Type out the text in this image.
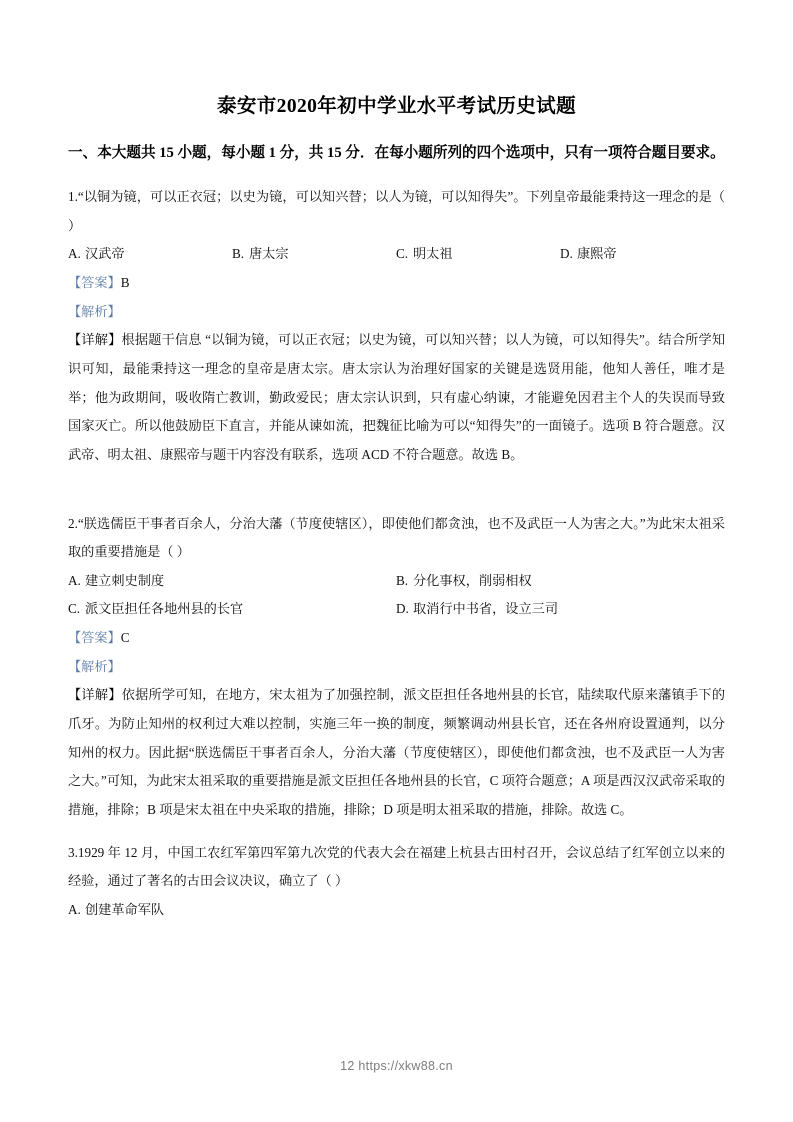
泰安市2020年初中学业水平考试历史试题
一、本大题共 15 小题，每小题 1 分，共 15 分．在每小题所列的四个选项中，只有一项符合题目要求。
1.“以铜为镜，可以正衣冠；以史为镜，可以知兴替；以人为镜，可以知得失”。下列皇帝最能秉持这一理念的是（ ）
A. 汉武帝	B. 唐太宗	C. 明太祖	D. 康熙帝
【答案】B
【解析】
【详解】根据题干信息 “以铜为镜，可以正衣冠；以史为镜，可以知兴替；以人为镜，可以知得失”。结合所学知识可知，最能秉持这一理念的皇帝是唐太宗。唐太宗认为治理好国家的关键是选贤用能，他知人善任，唯才是举；他为政期间，吸收隋亡教训，勤政爱民；唐太宗认识到，只有虚心纳谏，才能避免因君主个人的失误而导致国家灭亡。所以他鼓励臣下直言，并能从谏如流，把魏征比喻为可以“知得失”的一面镜子。选项 B 符合题意。汉武帝、明太祖、康熙帝与题干内容没有联系，选项 ACD 不符合题意。故选 B。
2.“朕选儒臣干事者百余人，分治大藩（节度使辖区），即使他们都贪浊，也不及武臣一人为害之大。”为此宋太祖采取的重要措施是（ ）
A. 建立刺史制度	B. 分化事权，削弱相权
C. 派文臣担任各地州县的长官	D. 取消行中书省，设立三司
【答案】C
【解析】
【详解】依据所学可知，在地方，宋太祖为了加强控制，派文臣担任各地州县的长官，陆续取代原来藩镇手下的爪牙。为防止知州的权利过大难以控制，实施三年一换的制度，频繁调动州县长官，还在各州府设置通判，以分知州的权力。因此据“朕选儒臣干事者百余人，分治大藩（节度使辖区），即使他们都贪浊，也不及武臣一人为害之大。”可知，为此宋太祖采取的重要措施是派文臣担任各地州县的长官，C 项符合题意；A 项是西汉汉武帝采取的措施，排除；B 项是宋太祖在中央采取的措施，排除；D 项是明太祖采取的措施，排除。故选 C。
3.1929 年 12 月，中国工农红军第四军第九次党的代表大会在福建上杭县古田村召开，会议总结了红军创立以来的经验，通过了著名的古田会议决议，确立了（ ）
A. 创建革命军队
12 https://xkw88.cn
